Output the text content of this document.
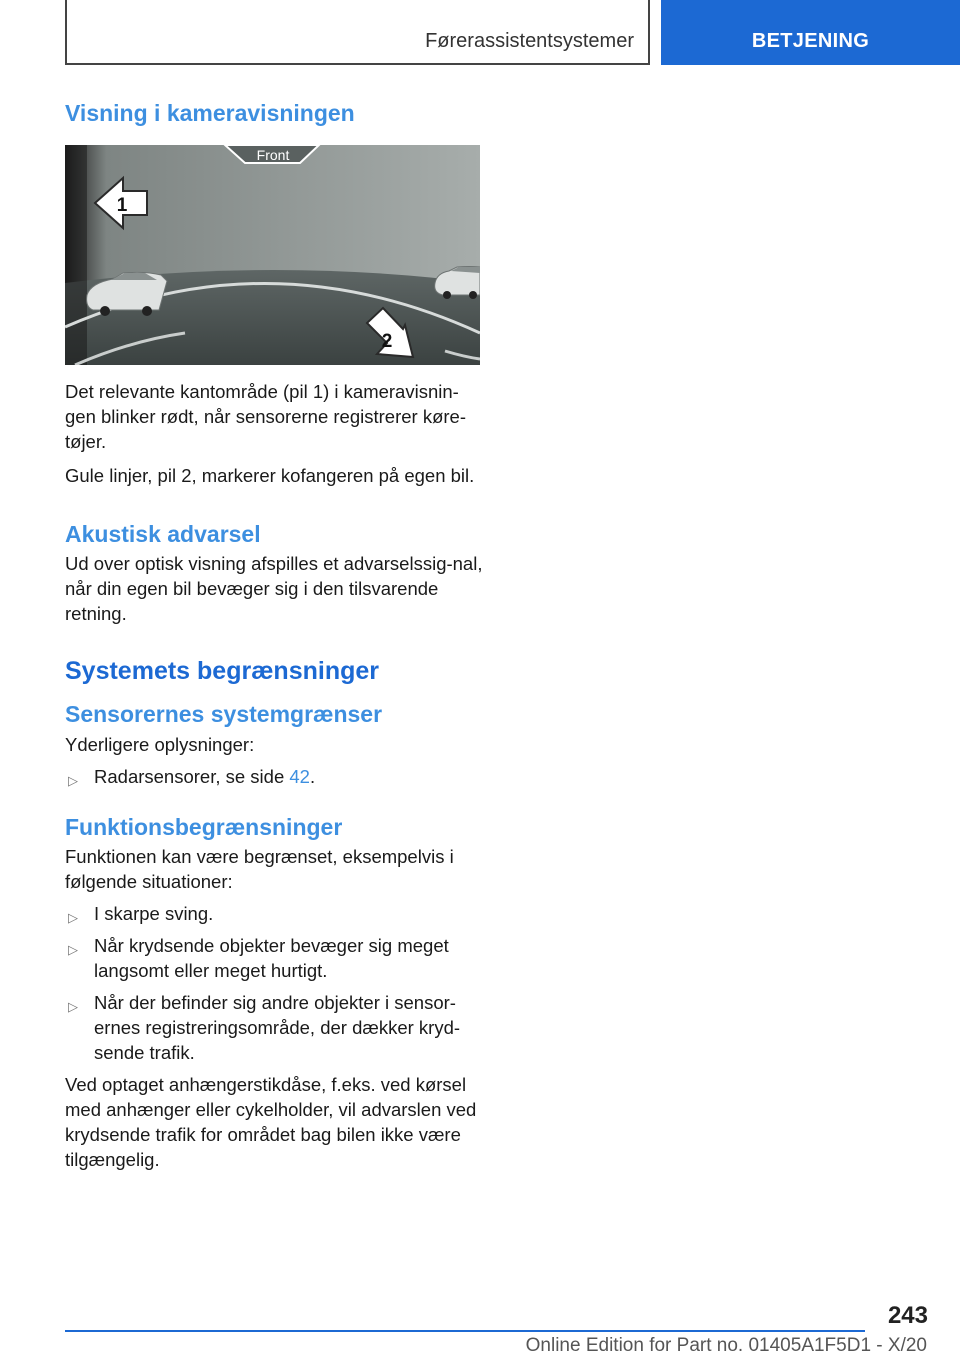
Førerassistentsystemer	BETJENING
Visning i kameravisningen
Front
1
2

Det relevante kantområde (pil 1) i kameravisnin-gen blinker rødt, når sensorerne registrerer køre-tøjer.

Gule linjer, pil 2, markerer kofangeren på egen bil.

Akustisk advarsel

Ud over optisk visning afspilles et advarselssig-nal, når din egen bil bevæger sig i den tilsvarende retning.

Systemets begrænsninger
Sensorernes systemgrænser

Yderligere oplysninger:

▷ Radarsensorer, se side 42.
Funktionsbegrænsninger

Funktionen kan være begrænset, eksempelvis i følgende situationer:

▷ I skarpe sving.
▷ Når krydsende objekter bevæger sig meget langsomt eller meget hurtigt.
▷ Når der befinder sig andre objekter i sensor-ernes registreringsområde, der dækker kryd-sende trafik.

Ved optaget anhængerstikdåse, f.eks. ved kørsel med anhænger eller cykelholder, vil advarslen ved krydsende trafik for området bag bilen ikke være tilgængelig.

243
Online Edition for Part no. 01405A1F5D1 - X/20
